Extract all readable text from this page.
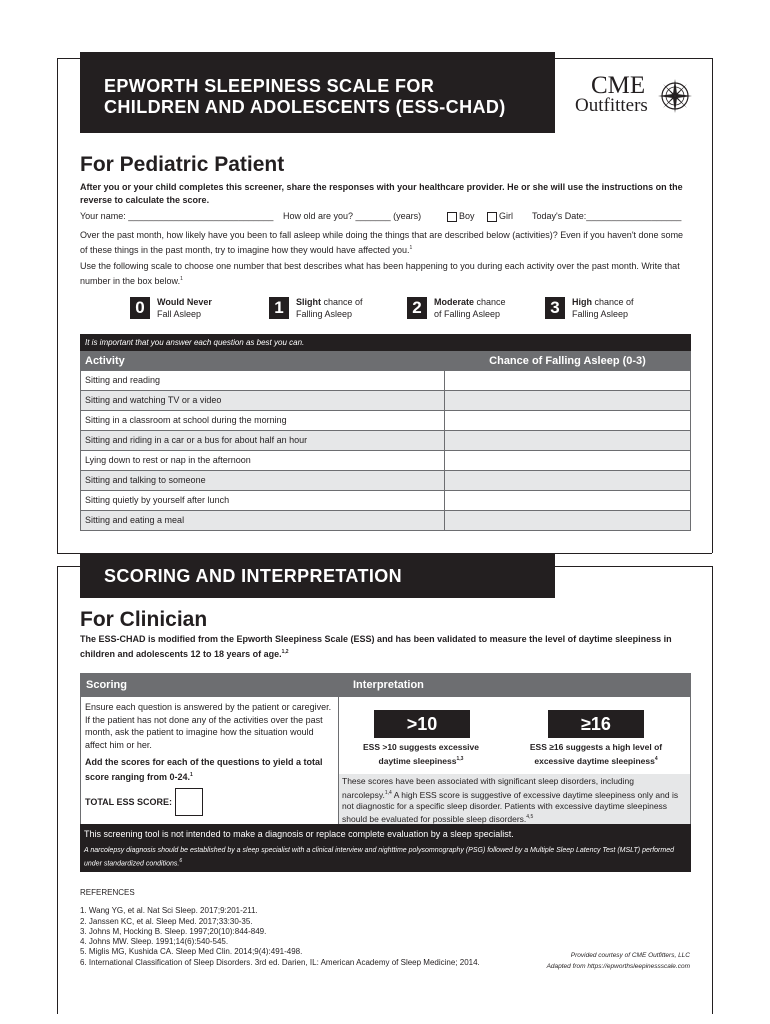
EPWORTH SLEEPINESS SCALE FOR
CHILDREN AND ADOLESCENTS (ESS-CHAD)
CME
Outfitters
For Pediatric Patient
After you or your child completes this screener, share the responses with your healthcare provider. He or she will use the instructions on the reverse to calculate the score.
Your name: _____________________________ How old are you? _______ (years)	Boy	Girl Today's Date:___________________
Over the past month, how likely have you been to fall asleep while doing the things that are described below (activities)? Even if you haven't done some of these things in the past month, try to imagine how they would have affected you.$^1$
Use the following scale to choose one number that best describes what has been happening to you during each activity over the past month. Write that number in the box below.$^1$
0	Would Never
Fall Asleep	1	Slight chance of
Falling Asleep	2	Moderate chance
of Falling Asleep	3	High chance of
Falling Asleep
It is important that you answer each question as best you can.
Activity	Chance of Falling Asleep (0-3)
Sitting and reading
Sitting and watching TV or a video
Sitting in a classroom at school during the morning
Sitting and riding in a car or a bus for about half an hour
Lying down to rest or nap in the afternoon
Sitting and talking to someone
Sitting quietly by yourself after lunch
Sitting and eating a meal
SCORING AND INTERPRETATION
For Clinician
The ESS-CHAD is modified from the Epworth Sleepiness Scale (ESS) and has been validated to measure the level of daytime sleepiness in children and adolescents 12 to 18 years of age.$^{1,2}$
Scoring	Interpretation
Ensure each question is answered by the patient or caregiver. If the patient has not done any of the activities over the past month, ask the patient to imagine how the situation would affect him or her.
Add the scores for each of the questions to yield a total score ranging from 0-24.$^1$
TOTAL ESS SCORE:
>10
ESS >10 suggests excessive
daytime sleepiness$^{1,3}$
≥16
ESS ≥16 suggests a high level of
excessive daytime sleepiness$^4$
These scores have been associated with significant sleep disorders, including narcolepsy.$^{1,4}$ A high ESS score is suggestive of excessive daytime sleepiness only and is not diagnostic for a specific sleep disorder. Patients with excessive daytime sleepiness should be evaluated for possible sleep disorders.$^{4,5}$
This screening tool is not intended to make a diagnosis or replace complete evaluation by a sleep specialist.
A narcolepsy diagnosis should be established by a sleep specialist with a clinical interview and nighttime polysomnography (PSG) followed by a Multiple Sleep Latency Test (MSLT) performed under standardized conditions.$^6$
REFERENCES
1. Wang YG, et al. Nat Sci Sleep. 2017;9:201-211.
2. Janssen KC, et al. Sleep Med. 2017;33:30-35.
3. Johns M, Hocking B. Sleep. 1997;20(10):844-849.
4. Johns MW. Sleep. 1991;14(6):540-545.
5. Miglis MG, Kushida CA. Sleep Med Clin. 2014;9(4):491-498.
6. International Classification of Sleep Disorders. 3rd ed. Darien, IL: American Academy of Sleep Medicine; 2014.
Provided courtesy of CME Outfitters, LLC
Adapted from https://epworthsleepinessscale.com
